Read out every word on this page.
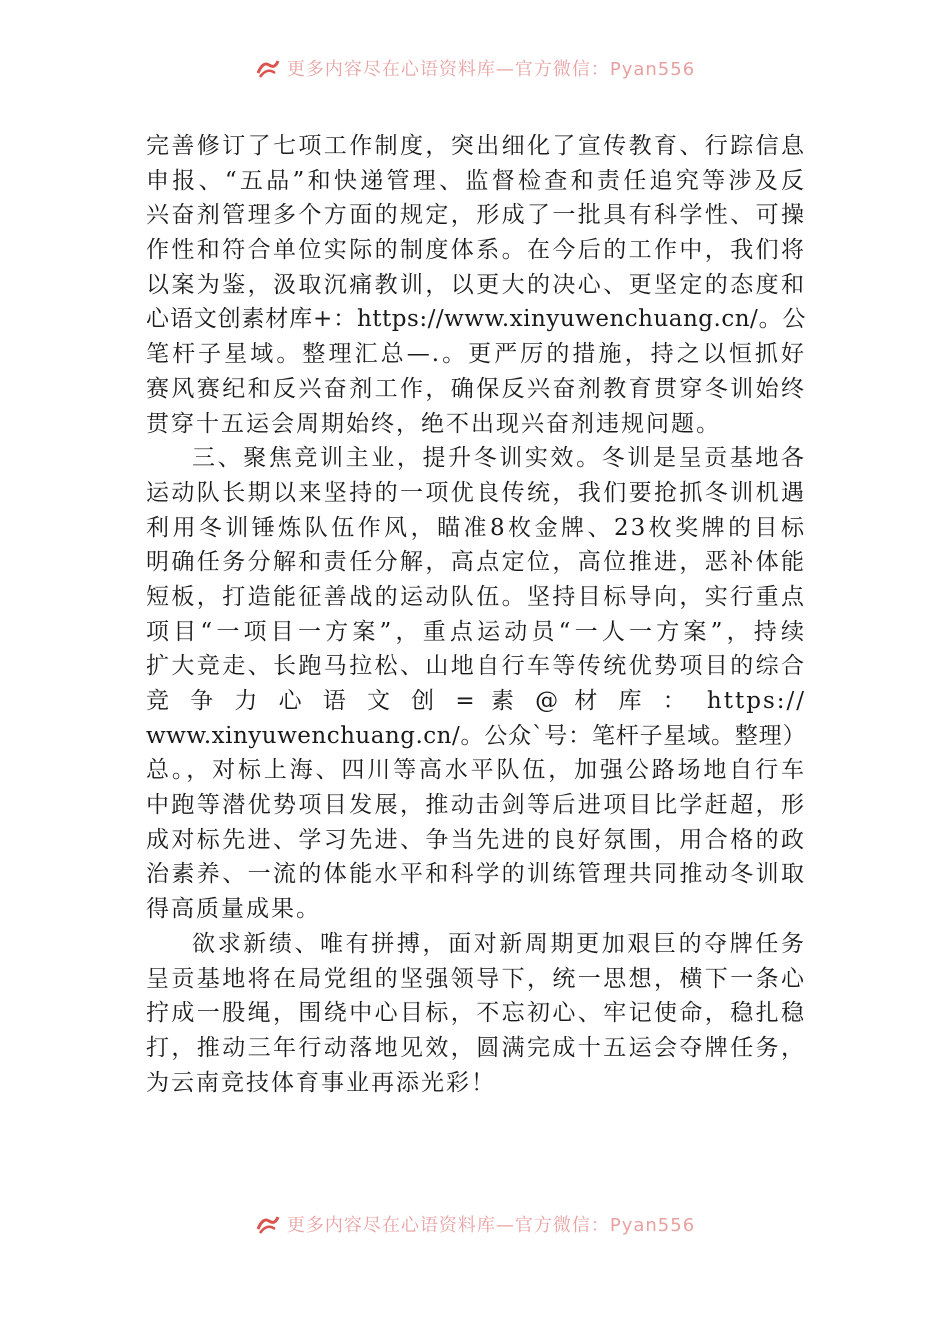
更多内容尽在心语资料库—官方微信：Pyan556
完善修订了七项工作制度，突出细化了宣传教育、行踪信息
申报、“五品”和快递管理、监督检查和责任追究等涉及反
兴奋剂管理多个方面的规定，形成了一批具有科学性、可操
作性和符合单位实际的制度体系。在今后的工作中，我们将
以案为鉴，汲取沉痛教训，以更大的决心、更坚定的态度和
心语文创素材库+：https://www.xinyuwenchuang.cn/。公
笔杆子星域。整理汇总—.。更严厉的措施，持之以恒抓好
赛风赛纪和反兴奋剂工作，确保反兴奋剂教育贯穿冬训始终
贯穿十五运会周期始终，绝不出现兴奋剂违规问题。
三、聚焦竞训主业，提升冬训实效。冬训是呈贡基地各
运动队长期以来坚持的一项优良传统，我们要抢抓冬训机遇
利用冬训锤炼队伍作风，瞄准8枚金牌、23枚奖牌的目标
明确任务分解和责任分解，高点定位，高位推进，恶补体能
短板，打造能征善战的运动队伍。坚持目标导向，实行重点
项目“一项目一方案”，重点运动员“一人一方案”，持续
扩大竞走、长跑马拉松、山地自行车等传统优势项目的综合
竞 争 力 心 语 文 创 = 素 @ 材 库 ： https://
www.xinyuwenchuang.cn/。公众`号：笔杆子星域。整理）
总。，对标上海、四川等高水平队伍，加强公路场地自行车
中跑等潜优势项目发展，推动击剑等后进项目比学赶超，形
成对标先进、学习先进、争当先进的良好氛围，用合格的政
治素养、一流的体能水平和科学的训练管理共同推动冬训取
得高质量成果。
欲求新绩、唯有拼搏，面对新周期更加艰巨的夺牌任务
呈贡基地将在局党组的坚强领导下，统一思想，横下一条心
拧成一股绳，围绕中心目标，不忘初心、牢记使命，稳扎稳
打，推动三年行动落地见效，圆满完成十五运会夺牌任务，
为云南竞技体育事业再添光彩！
更多内容尽在心语资料库—官方微信：Pyan556
